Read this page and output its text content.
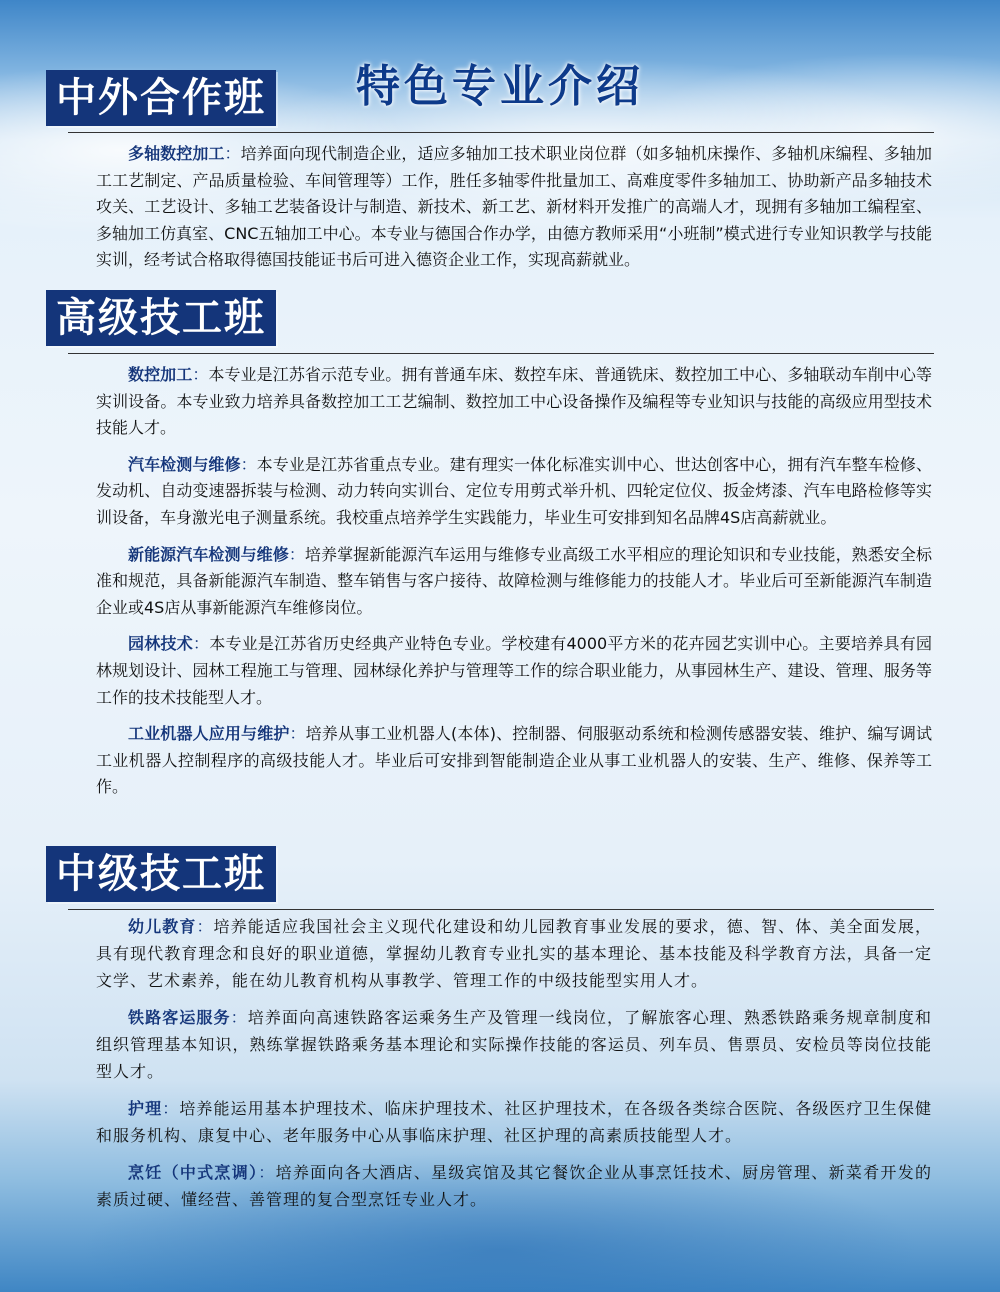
特色专业介绍
中外合作班

多轴数控加工：培养面向现代制造企业，适应多轴加工技术职业岗位群（如多轴机床操作、多轴机床编程、多轴加工工艺制定、产品质量检验、车间管理等）工作，胜任多轴零件批量加工、高难度零件多轴加工、协助新产品多轴技术攻关、工艺设计、多轴工艺装备设计与制造、新技术、新工艺、新材料开发推广的高端人才，现拥有多轴加工编程室、多轴加工仿真室、CNC五轴加工中心。本专业与德国合作办学，由德方教师采用“小班制”模式进行专业知识教学与技能实训，经考试合格取得德国技能证书后可进入德资企业工作，实现高薪就业。

高级技工班

数控加工：本专业是江苏省示范专业。拥有普通车床、数控车床、普通铣床、数控加工中心、多轴联动车削中心等实训设备。本专业致力培养具备数控加工工艺编制、数控加工中心设备操作及编程等专业知识与技能的高级应用型技术技能人才。

汽车检测与维修：本专业是江苏省重点专业。建有理实一体化标准实训中心、世达创客中心，拥有汽车整车检修、发动机、自动变速器拆装与检测、动力转向实训台、定位专用剪式举升机、四轮定位仪、扳金烤漆、汽车电路检修等实训设备，车身激光电子测量系统。我校重点培养学生实践能力，毕业生可安排到知名品牌4S店高薪就业。

新能源汽车检测与维修：培养掌握新能源汽车运用与维修专业高级工水平相应的理论知识和专业技能，熟悉安全标准和规范，具备新能源汽车制造、整车销售与客户接待、故障检测与维修能力的技能人才。毕业后可至新能源汽车制造企业或4S店从事新能源汽车维修岗位。

园林技术：本专业是江苏省历史经典产业特色专业。学校建有4000平方米的花卉园艺实训中心。主要培养具有园林规划设计、园林工程施工与管理、园林绿化养护与管理等工作的综合职业能力，从事园林生产、建设、管理、服务等工作的技术技能型人才。

工业机器人应用与维护：培养从事工业机器人(本体)、控制器、伺服驱动系统和检测传感器安装、维护、编写调试工业机器人控制程序的高级技能人才。毕业后可安排到智能制造企业从事工业机器人的安装、生产、维修、保养等工作。

中级技工班

幼儿教育：培养能适应我国社会主义现代化建设和幼儿园教育事业发展的要求，德、智、体、美全面发展，具有现代教育理念和良好的职业道德，掌握幼儿教育专业扎实的基本理论、基本技能及科学教育方法，具备一定文学、艺术素养，能在幼儿教育机构从事教学、管理工作的中级技能型实用人才。

铁路客运服务：培养面向高速铁路客运乘务生产及管理一线岗位，了解旅客心理、熟悉铁路乘务规章制度和组织管理基本知识，熟练掌握铁路乘务基本理论和实际操作技能的客运员、列车员、售票员、安检员等岗位技能型人才。

护理：培养能运用基本护理技术、临床护理技术、社区护理技术，在各级各类综合医院、各级医疗卫生保健和服务机构、康复中心、老年服务中心从事临床护理、社区护理的高素质技能型人才。

烹饪（中式烹调）：培养面向各大酒店、星级宾馆及其它餐饮企业从事烹饪技术、厨房管理、新菜肴开发的素质过硬、懂经营、善管理的复合型烹饪专业人才。
